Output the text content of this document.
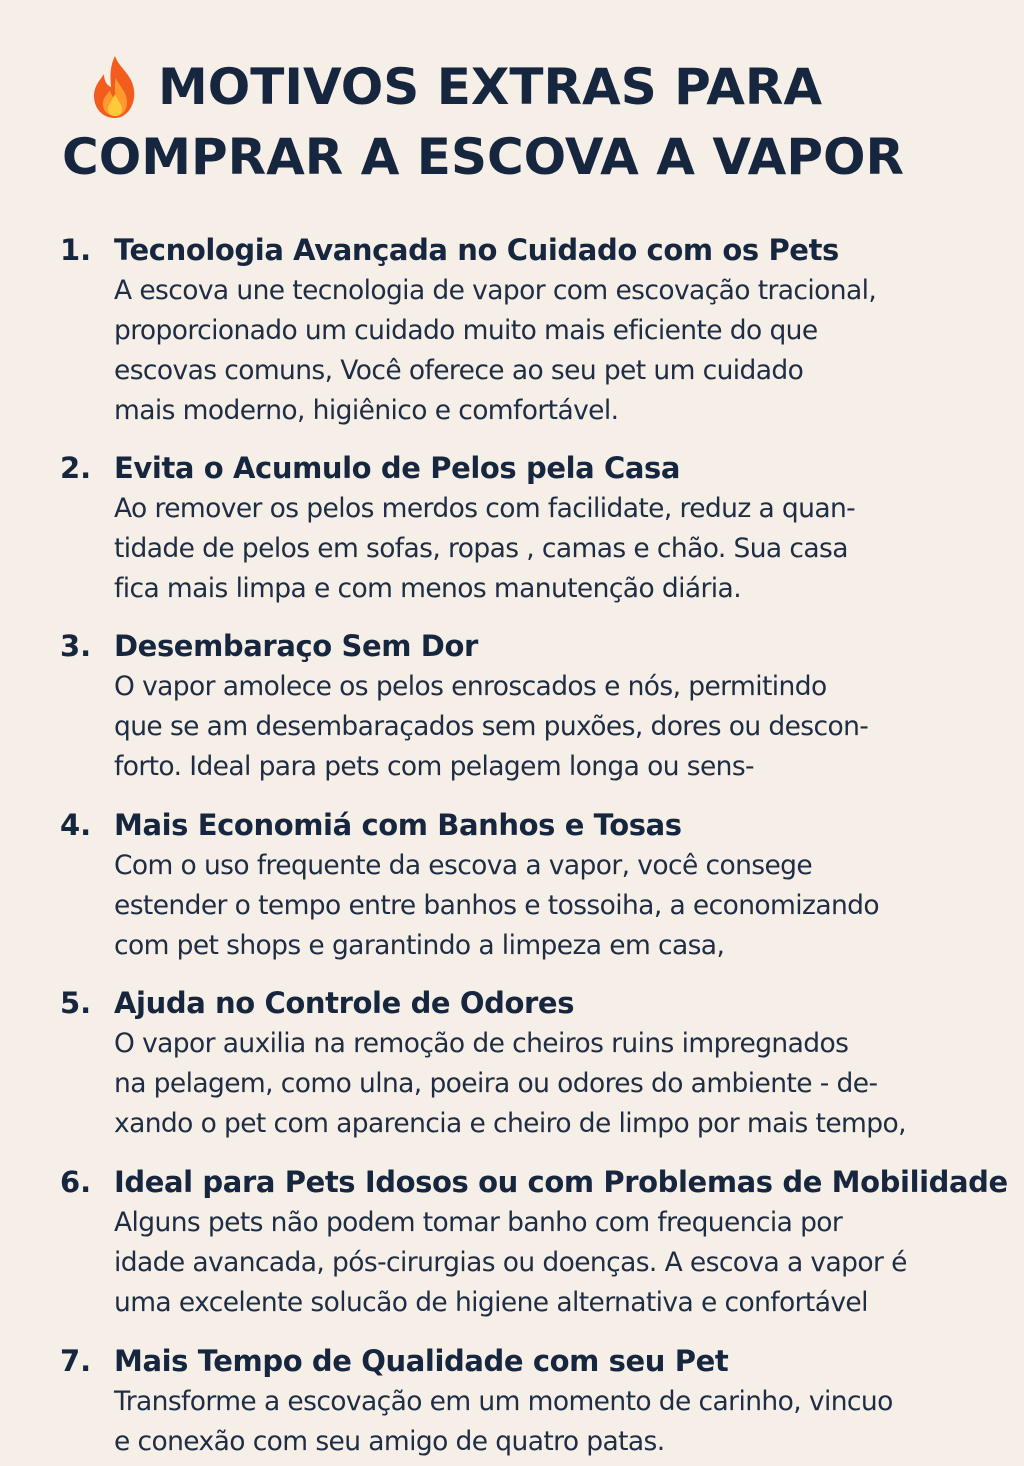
MOTIVOS EXTRAS PARA
COMPRAR A ESCOVA A VAPOR
1. Tecnologia Avançada no Cuidado com os Pets
A escova une tecnologia de vapor com escovação tracional,
proporcionado um cuidado muito mais eficiente do que
escovas comuns, Você oferece ao seu pet um cuidado
mais moderno, higiênico e comfortável.
2. Evita o Acumulo de Pelos pela Casa
Ao remover os pelos merdos com facilidate, reduz a quan-
tidade de pelos em sofas, ropas , camas e chão. Sua casa
fica mais limpa e com menos manutenção diária.
3. Desembaraço Sem Dor
O vapor amolece os pelos enroscados e nós, permitindo
que se am desembaraçados sem puxões, dores ou descon-
forto. Ideal para pets com pelagem longa ou sens-
4. Mais Economiá com Banhos e Tosas
Com o uso frequente da escova a vapor, você consege
estender o tempo entre banhos e tossoiha, a economizando
com pet shops e garantindo a limpeza em casa,
5. Ajuda no Controle de Odores
O vapor auxilia na remoção de cheiros ruins impregnados
na pelagem, como ulna, poeira ou odores do ambiente - de-
xando o pet com aparencia e cheiro de limpo por mais tempo,
6. Ideal para Pets Idosos ou com Problemas de Mobilidade
Alguns pets não podem tomar banho com frequencia por
idade avancada, pós-cirurgias ou doenças. A escova a vapor é
uma excelente solucão de higiene alternativa e confortável
7. Mais Tempo de Qualidade com seu Pet
Transforme a escovação em um momento de carinho, vincuo
e conexão com seu amigo de quatro patas.
